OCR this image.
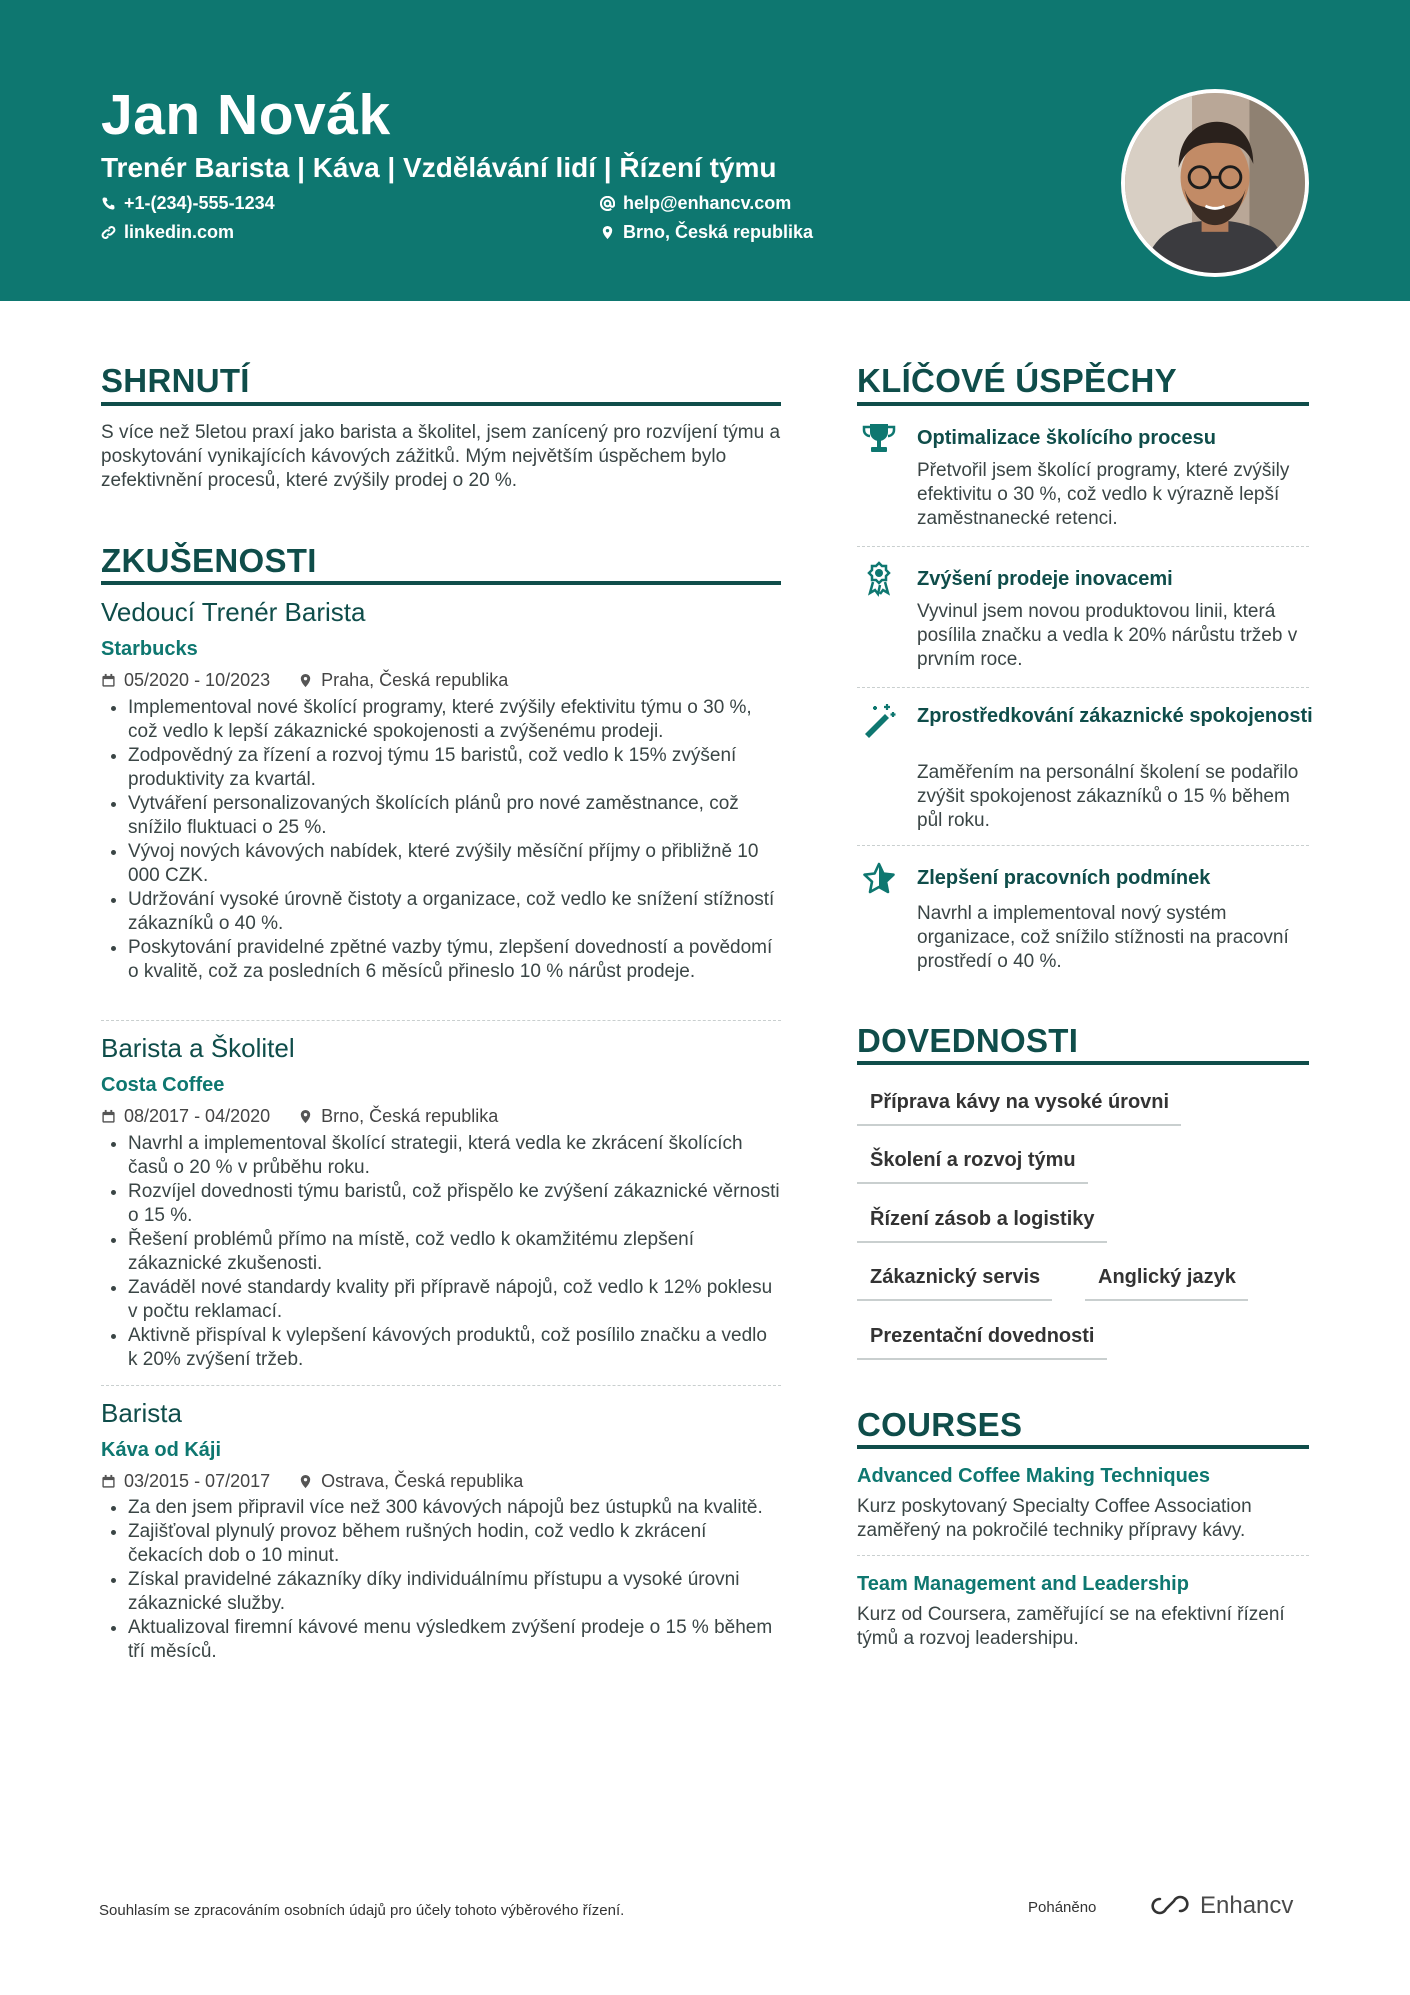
Jan Novák
Trenér Barista | Káva | Vzdělávání lidí | Řízení týmu
+1-(234)-555-1234	help@enhancv.com
linkedin.com	Brno, Česká republika
SHRNUTÍ
S více než 5letou praxí jako barista a školitel, jsem zanícený pro rozvíjení týmu a poskytování vynikajících kávových zážitků. Mým největším úspěchem bylo zefektivnění procesů, které zvýšily prodej o 20 %.
ZKUŠENOSTI
Vedoucí Trenér Barista
Starbucks
05/2020 - 10/2023	Praha, Česká republika
Implementoval nové školící programy, které zvýšily efektivitu týmu o 30 %, což vedlo k lepší zákaznické spokojenosti a zvýšenému prodeji.
Zodpovědný za řízení a rozvoj týmu 15 baristů, což vedlo k 15% zvýšení produktivity za kvartál.
Vytváření personalizovaných školících plánů pro nové zaměstnance, což snížilo fluktuaci o 25 %.
Vývoj nových kávových nabídek, které zvýšily měsíční příjmy o přibližně 10 000 CZK.
Udržování vysoké úrovně čistoty a organizace, což vedlo ke snížení stížností zákazníků o 40 %.
Poskytování pravidelné zpětné vazby týmu, zlepšení dovedností a povědomí o kvalitě, což za posledních 6 měsíců přineslo 10 % nárůst prodeje.
Barista a Školitel
Costa Coffee
08/2017 - 04/2020	Brno, Česká republika
Navrhl a implementoval školící strategii, která vedla ke zkrácení školících časů o 20 % v průběhu roku.
Rozvíjel dovednosti týmu baristů, což přispělo ke zvýšení zákaznické věrnosti o 15 %.
Řešení problémů přímo na místě, což vedlo k okamžitému zlepšení zákaznické zkušenosti.
Zaváděl nové standardy kvality při přípravě nápojů, což vedlo k 12% poklesu v počtu reklamací.
Aktivně přispíval k vylepšení kávových produktů, což posílilo značku a vedlo k 20% zvýšení tržeb.
Barista
Káva od Káji
03/2015 - 07/2017	Ostrava, Česká republika
Za den jsem připravil více než 300 kávových nápojů bez ústupků na kvalitě.
Zajišťoval plynulý provoz během rušných hodin, což vedlo k zkrácení čekacích dob o 10 minut.
Získal pravidelné zákazníky díky individuálnímu přístupu a vysoké úrovni zákaznické služby.
Aktualizoval firemní kávové menu výsledkem zvýšení prodeje o 15 % během tří měsíců.
KLÍČOVÉ ÚSPĚCHY
Optimalizace školícího procesu
Přetvořil jsem školící programy, které zvýšily efektivitu o 30 %, což vedlo k výrazně lepší zaměstnanecké retenci.
Zvýšení prodeje inovacemi
Vyvinul jsem novou produktovou linii, která posílila značku a vedla k 20% nárůstu tržeb v prvním roce.
Zprostředkování zákaznické spokojenosti
Zaměřením na personální školení se podařilo zvýšit spokojenost zákazníků o 15 % během půl roku.
Zlepšení pracovních podmínek
Navrhl a implementoval nový systém organizace, což snížilo stížnosti na pracovní prostředí o 40 %.
DOVEDNOSTI
Příprava kávy na vysoké úrovni
Školení a rozvoj týmu
Řízení zásob a logistiky
Zákaznický servis	Anglický jazyk
Prezentační dovednosti
COURSES
Advanced Coffee Making Techniques
Kurz poskytovaný Specialty Coffee Association zaměřený na pokročilé techniky přípravy kávy.
Team Management and Leadership
Kurz od Coursera, zaměřující se na efektivní řízení týmů a rozvoj leadershipu.
Souhlasím se zpracováním osobních údajů pro účely tohoto výběrového řízení.	Poháněno	Enhancv
